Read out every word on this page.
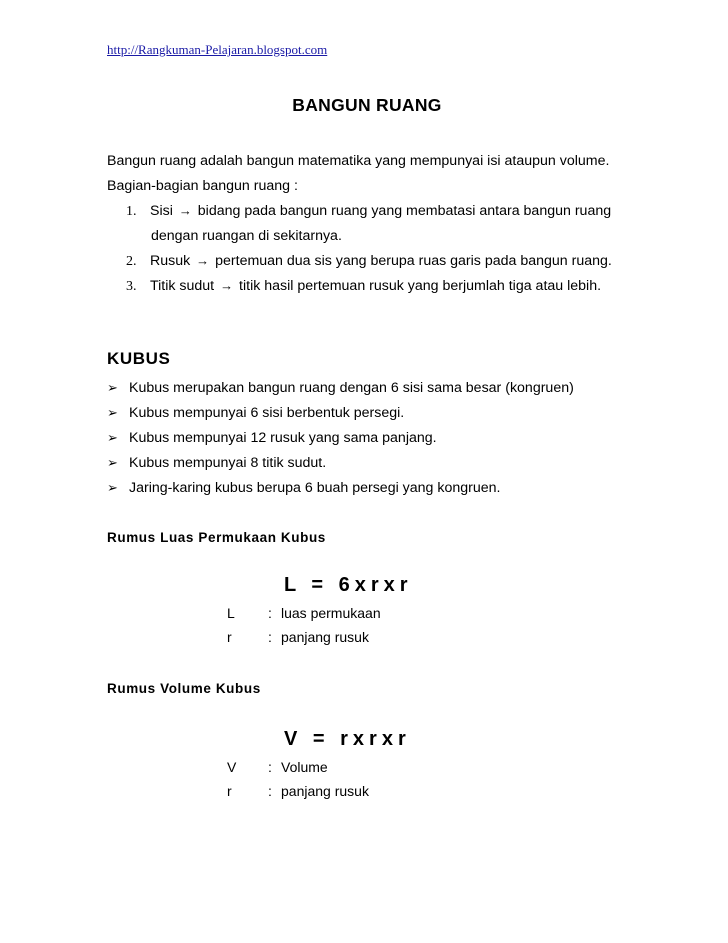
http://Rangkuman-Pelajaran.blogspot.com
BANGUN RUANG
Bangun ruang adalah bangun matematika yang mempunyai isi ataupun volume.
Bagian-bagian bangun ruang :
1. Sisi → bidang pada bangun ruang yang membatasi antara bangun ruang
dengan ruangan di sekitarnya.
2. Rusuk → pertemuan dua sis yang berupa ruas garis pada bangun ruang.
3. Titik sudut → titik hasil pertemuan rusuk yang berjumlah tiga atau lebih.
KUBUS
➢ Kubus merupakan bangun ruang dengan 6 sisi sama besar (kongruen)
➢ Kubus mempunyai 6 sisi berbentuk persegi.
➢ Kubus mempunyai 12 rusuk yang sama panjang.
➢ Kubus mempunyai 8 titik sudut.
➢ Jaring-karing kubus berupa 6 buah persegi yang kongruen.
Rumus Luas Permukaan Kubus
L = 6xrxr
L : luas permukaan
r	: panjang rusuk
Rumus Volume Kubus
V = rxrxr
V : Volume
r	: panjang rusuk
